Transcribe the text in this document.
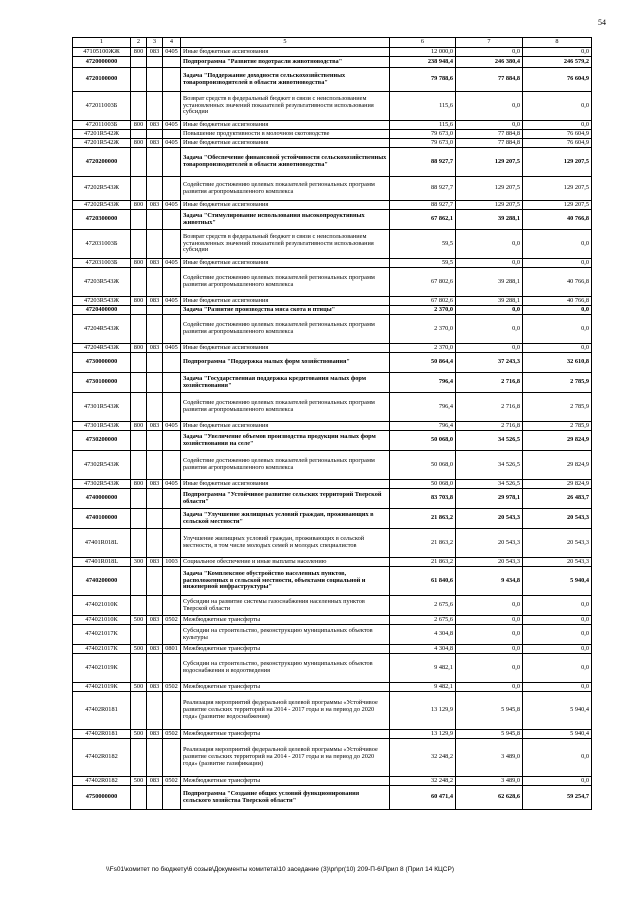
54
1	2	3	4	5	6	7	8
47105100ЖЖ	800	083	0405	Иные бюджетные ассигнования	12 000,0	0,0	0,0
4720000000				Подпрограмма "Развитие подотрасли животноводства"	238 948,4	246 380,4	246 579,2
4720100000				Задача "Поддержание доходности сельскохозяйственных товаропроизводителей в области животноводства"	79 788,6	77 884,8	76 604,9
472011003Б				Возврат средств в федеральный бюджет в связи с неиспользованием установленных значений показателей результативности использования субсидии	115,6	0,0	0,0
472011003Б	800	083	0405	Иные бюджетные ассигнования	115,6	0,0	0,0
47201R542Ж				Повышение продуктивности в молочном скотоводстве	79 673,0	77 884,8	76 604,9
47201R542Ж	800	083	0405	Иные бюджетные ассигнования	79 673,0	77 884,8	76 604,9
4720200000				Задача "Обеспечение финансовой устойчивости сельскохозяйственных товаропроизводителей в области животноводства"	88 927,7	129 207,5	129 207,5
47202R543Ж				Содействие достижению целевых показателей региональных программ развития агропромышленного комплекса	88 927,7	129 207,5	129 207,5
47202R543Ж	800	083	0405	Иные бюджетные ассигнования	88 927,7	129 207,5	129 207,5
4720300000				Задача "Стимулирование использования высокопродуктивных животных"	67 862,1	39 288,1	40 766,8
472031003Б				Возврат средств в федеральный бюджет в связи с неиспользованием установленных значений показателей результативности использования субсидии	59,5	0,0	0,0
472031003Б	800	083	0405	Иные бюджетные ассигнования	59,5	0,0	0,0
47203R543Ж				Содействие достижению целевых показателей региональных программ развития агропромышленного комплекса	67 802,6	39 288,1	40 766,8
47203R543Ж	800	083	0405	Иные бюджетные ассигнования	67 802,6	39 288,1	40 766,8
4720400000				Задача "Развитие производства мяса скота и птицы"	2 370,0	0,0	0,0
47204R543Ж				Содействие достижению целевых показателей региональных программ развития агропромышленного комплекса	2 370,0	0,0	0,0
47204R543Ж	800	083	0405	Иные бюджетные ассигнования	2 370,0	0,0	0,0
4730000000				Подпрограмма "Поддержка малых форм хозяйствования"	50 864,4	37 243,3	32 610,8
4730100000				Задача "Государственная поддержка кредитования малых форм хозяйствования"	796,4	2 716,8	2 785,9
47301R543Ж				Содействие достижению целевых показателей региональных программ развития агропромышленного комплекса	796,4	2 716,8	2 785,9
47301R543Ж	800	083	0405	Иные бюджетные ассигнования	796,4	2 716,8	2 785,9
4730200000				Задача "Увеличение объемов производства продукции малых форм хозяйствования на селе"	50 068,0	34 526,5	29 824,9
47302R543Ж				Содействие достижению целевых показателей региональных программ развития агропромышленного комплекса	50 068,0	34 526,5	29 824,9
47302R543Ж	800	083	0405	Иные бюджетные ассигнования	50 068,0	34 526,5	29 824,9
4740000000				Подпрограмма "Устойчивое развитие сельских территорий Тверской области"	83 703,8	29 978,1	26 483,7
4740100000				Задача "Улучшение жилищных условий граждан, проживающих в сельской местности"	21 863,2	20 543,3	20 543,3
47401R018L				Улучшение жилищных условий граждан, проживающих в сельской местности, в том числе молодых семей и молодых специалистов	21 863,2	20 543,3	20 543,3
47401R018L	300	083	1003	Социальное обеспечение и иные выплаты населению	21 863,2	20 543,3	20 543,3
4740200000				Задача "Комплексное обустройство населенных пунктов, расположенных в сельской местности, объектами социальной и инженерной инфраструктуры"	61 840,6	9 434,8	5 940,4
474021010К				Субсидии на развитие системы газоснабжения населенных пунктов Тверской области	2 675,6	0,0	0,0
474021010К	500	083	0502	Межбюджетные трансферты	2 675,6	0,0	0,0
474021017К				Субсидии на строительство, реконструкцию муниципальных объектов культуры	4 304,8	0,0	0,0
474021017К	500	083	0801	Межбюджетные трансферты	4 304,8	0,0	0,0
474021019К				Субсидии на строительство, реконструкцию муниципальных объектов водоснабжения и водоотведения	9 482,1	0,0	0,0
474021019К	500	083	0502	Межбюджетные трансферты	9 482,1	0,0	0,0
47402R0181				Реализация мероприятий федеральной целевой программы «Устойчивое развитие сельских территорий на 2014 - 2017 годы и на период до 2020 года» (развитие водоснабжения)	13 129,9	5 945,8	5 940,4
47402R0181	500	083	0502	Межбюджетные трансферты	13 129,9	5 945,8	5 940,4
47402R0182				Реализация мероприятий федеральной целевой программы «Устойчивое развитие сельских территорий на 2014 - 2017 годы и на период до 2020 года» (развитие газификации)	32 248,2	3 489,0	0,0
47402R0182	500	083	0502	Межбюджетные трансферты	32 248,2	3 489,0	0,0
4750000000				Подпрограмма "Создание общих условий функционирования сельского хозяйства Тверской области"	60 471,4	62 628,6	59 254,7
\\Fs01\комитет по бюджету\6 созыв\Документы комитета\10 заседание (3)\pr\pr(10) 209-П-6\Прил 8 (Прил 14 КЦСР)
